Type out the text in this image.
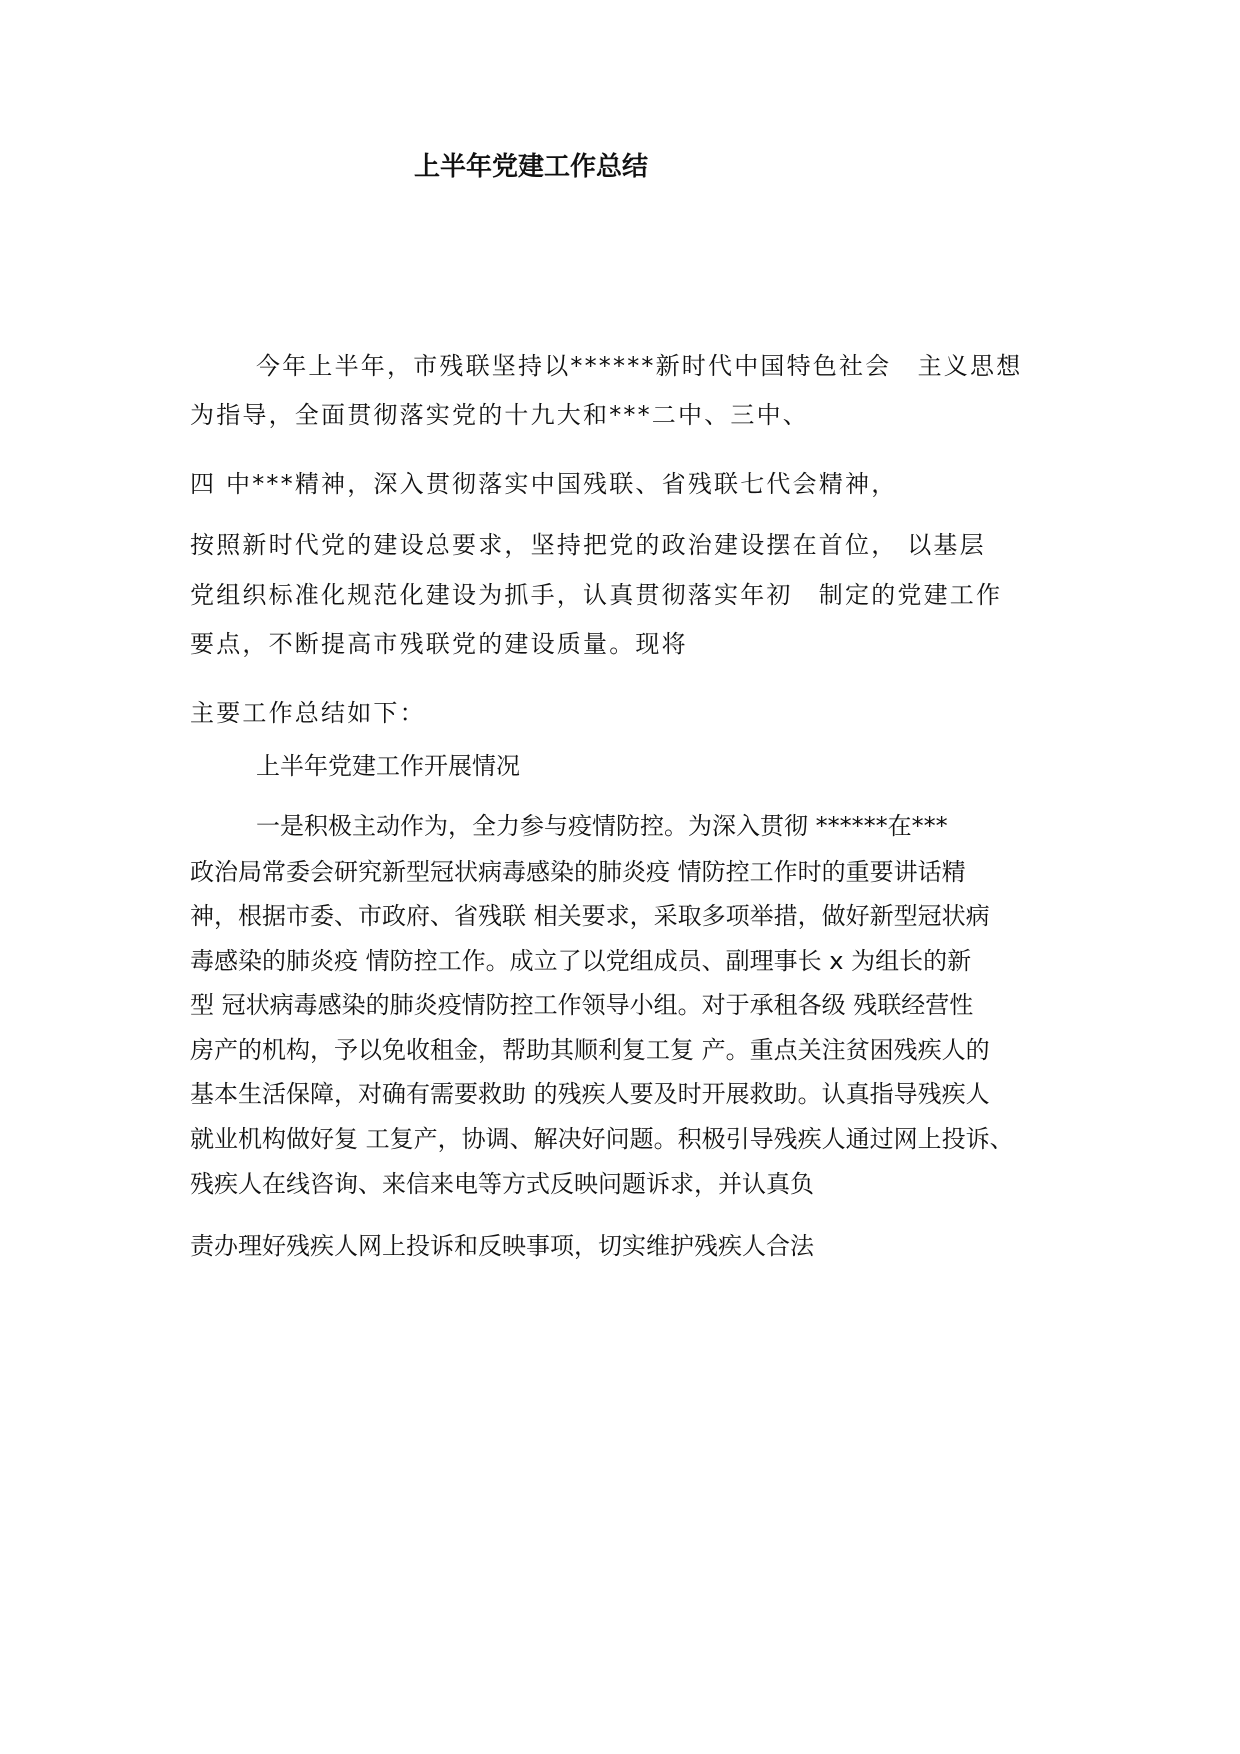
上半年党建工作总结
今年上半年，市残联坚持以******新时代中国特色社会　主义思想
为指导，全面贯彻落实党的十九大和***二中、三中、
四 中***精神，深入贯彻落实中国残联、省残联七代会精神，
按照新时代党的建设总要求，坚持把党的政治建设摆在首位， 以基层
党组织标准化规范化建设为抓手，认真贯彻落实年初　制定的党建工作
要点，不断提高市残联党的建设质量。现将
主要工作总结如下：
上半年党建工作开展情况
一是积极主动作为，全力参与疫情防控。为深入贯彻 ******在***
政治局常委会研究新型冠状病毒感染的肺炎疫 情防控工作时的重要讲话精
神，根据市委、市政府、省残联 相关要求，采取多项举措，做好新型冠状病
毒感染的肺炎疫 情防控工作。成立了以党组成员、副理事长 x 为组长的新
型 冠状病毒感染的肺炎疫情防控工作领导小组。对于承租各级 残联经营性
房产的机构，予以免收租金，帮助其顺利复工复 产。重点关注贫困残疾人的
基本生活保障，对确有需要救助 的残疾人要及时开展救助。认真指导残疾人
就业机构做好复 工复产，协调、解决好问题。积极引导残疾人通过网上投诉、
残疾人在线咨询、来信来电等方式反映问题诉求，并认真负
责办理好残疾人网上投诉和反映事项，切实维护残疾人合法
